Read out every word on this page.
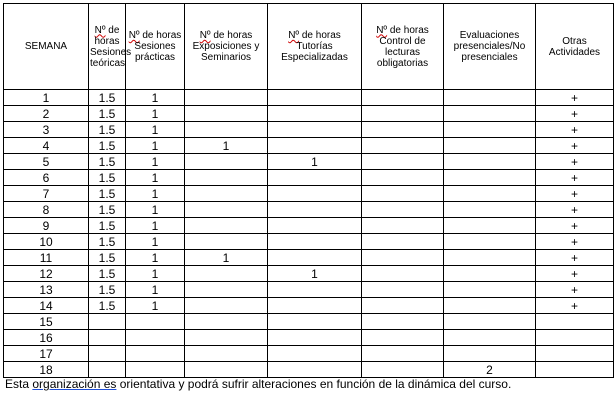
SEMANA	Nº de horas Sesiones teóricas	Nº de horas Sesiones prácticas	Nº de horas Exposiciones y Seminarios	Nº de horas Tutorías Especializadas	Nº de horas Control de lecturas obligatorias	Evaluaciones presenciales/No presenciales	Otras Actividades

1	1.5	1					+
2	1.5	1					+
3	1.5	1					+
4	1.5	1	1				+
5	1.5	1		1			+
6	1.5	1					+
7	1.5	1					+
8	1.5	1					+
9	1.5	1					+
10	1.5	1					+
11	1.5	1	1				+
12	1.5	1		1			+
13	1.5	1					+
14	1.5	1					+
15							
16							
17							
18						2	
Esta organización es orientativa y podrá sufrir alteraciones en función de la dinámica del curso.
